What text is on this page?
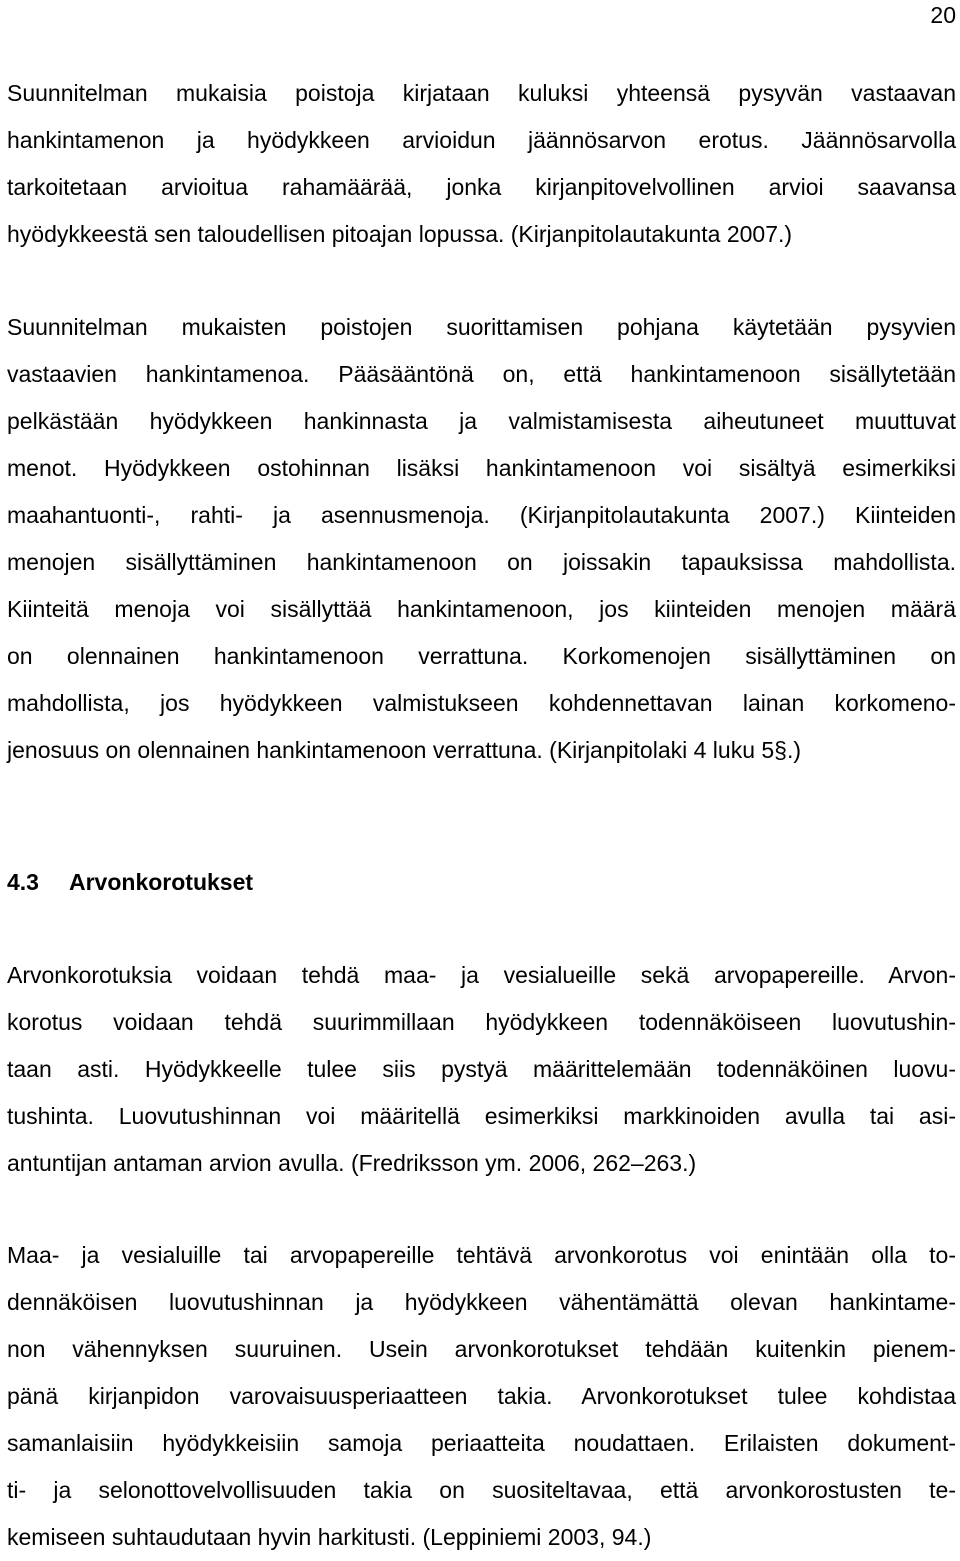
20
Suunnitelman mukaisia poistoja kirjataan kuluksi yhteensä pysyvän vastaavan
hankintamenon ja hyödykkeen arvioidun jäännösarvon erotus. Jäännösarvolla
tarkoitetaan arvioitua rahamäärää, jonka kirjanpitovelvollinen arvioi saavansa
hyödykkeestä sen taloudellisen pitoajan lopussa. (Kirjanpitolautakunta 2007.)
Suunnitelman mukaisten poistojen suorittamisen pohjana käytetään pysyvien
vastaavien hankintamenoa. Pääsääntönä on, että hankintamenoon sisällytetään
pelkästään hyödykkeen hankinnasta ja valmistamisesta aiheutuneet muuttuvat
menot. Hyödykkeen ostohinnan lisäksi hankintamenoon voi sisältyä esimerkiksi
maahantuonti-, rahti- ja asennusmenoja. (Kirjanpitolautakunta 2007.) Kiinteiden
menojen sisällyttäminen hankintamenoon on joissakin tapauksissa mahdollista.
Kiinteitä menoja voi sisällyttää hankintamenoon, jos kiinteiden menojen määrä
on olennainen hankintamenoon verrattuna. Korkomenojen sisällyttäminen on
mahdollista, jos hyödykkeen valmistukseen kohdennettavan lainan korkomeno-
jenosuus on olennainen hankintamenoon verrattuna. (Kirjanpitolaki 4 luku 5§.)
4.3 Arvonkorotukset
Arvonkorotuksia voidaan tehdä maa- ja vesialueille sekä arvopapereille. Arvon-
korotus voidaan tehdä suurimmillaan hyödykkeen todennäköiseen luovutushin-
taan asti. Hyödykkeelle tulee siis pystyä määrittelemään todennäköinen luovu-
tushinta. Luovutushinnan voi määritellä esimerkiksi markkinoiden avulla tai asi-
antuntijan antaman arvion avulla. (Fredriksson ym. 2006, 262–263.)
Maa- ja vesialuille tai arvopapereille tehtävä arvonkorotus voi enintään olla to-
dennäköisen luovutushinnan ja hyödykkeen vähentämättä olevan hankintame-
non vähennyksen suuruinen. Usein arvonkorotukset tehdään kuitenkin pienem-
pänä kirjanpidon varovaisuusperiaatteen takia. Arvonkorotukset tulee kohdistaa
samanlaisiin hyödykkeisiin samoja periaatteita noudattaen. Erilaisten dokument-
ti- ja selonottovelvollisuuden takia on suositeltavaa, että arvonkorostusten te-
kemiseen suhtaudutaan hyvin harkitusti. (Leppiniemi 2003, 94.)
